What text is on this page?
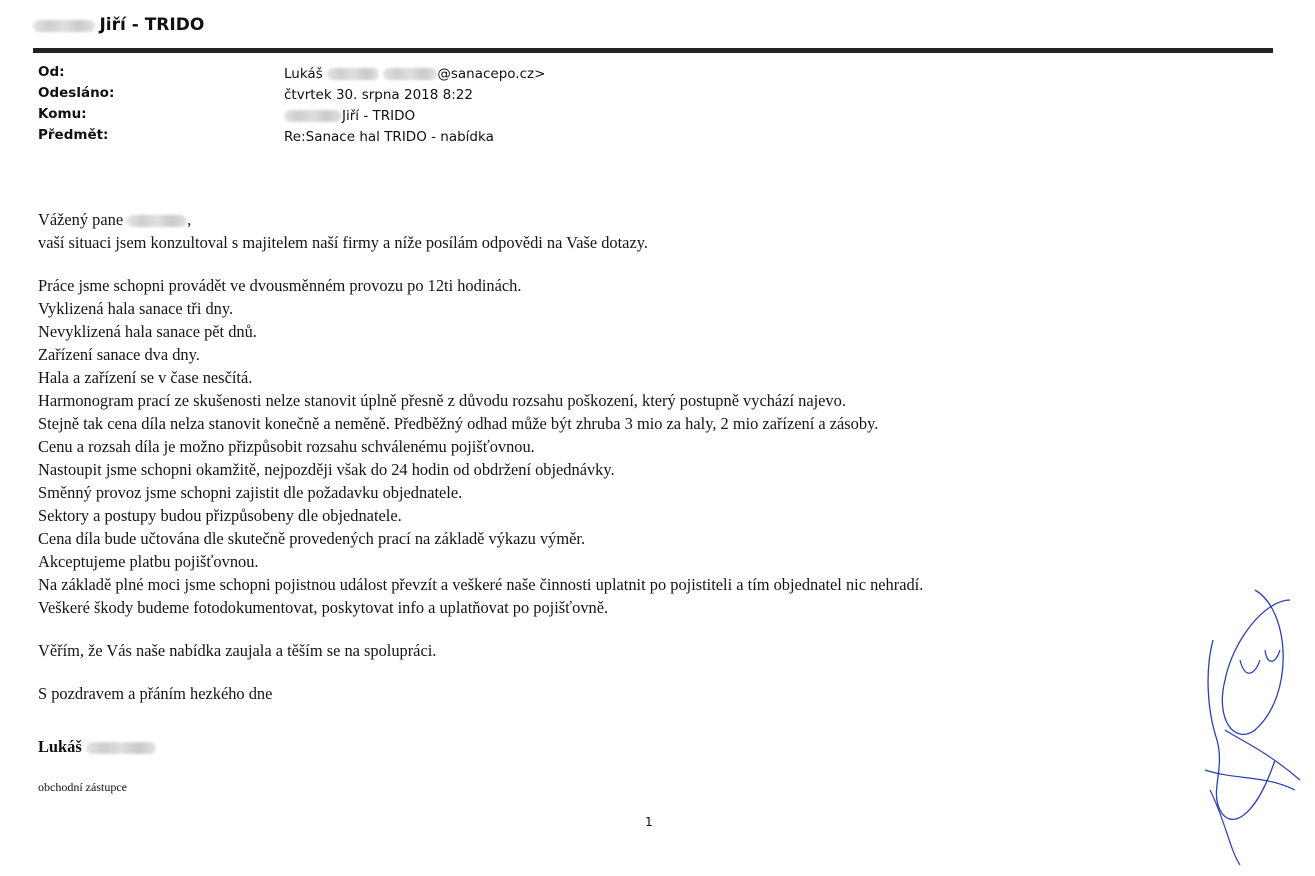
Jiří - TRIDO
Od:
Odesláno:
Komu:
Předmět:
Lukáš	@sanacepo.cz>
čtvrtek 30. srpna 2018 8:22
Jiří - TRIDO
Re:Sanace hal TRIDO - nabídka
Vážený pane	,
vaší situaci jsem konzultoval s majitelem naší firmy a níže posílám odpovědi na Vaše dotazy.
Práce jsme schopni provádět ve dvousměnném provozu po 12ti hodinách.
Vyklizená hala sanace tři dny.
Nevyklizená hala sanace pět dnů.
Zařízení sanace dva dny.
Hala a zařízení se v čase nesčítá.
Harmonogram prací ze skušenosti nelze stanovit úplně přesně z důvodu rozsahu poškození, který postupně vychází najevo.
Stejně tak cena díla nelza stanovit konečně a neměně. Předběžný odhad může být zhruba 3 mio za haly, 2 mio zařízení a zásoby.
Cenu a rozsah díla je možno přizpůsobit rozsahu schválenému pojišťovnou.
Nastoupit jsme schopni okamžitě, nejpozději však do 24 hodin od obdržení objednávky.
Směnný provoz jsme schopni zajistit dle požadavku objednatele.
Sektory a postupy budou přizpůsobeny dle objednatele.
Cena díla bude učtována dle skutečně provedených prací na základě výkazu výměr.
Akceptujeme platbu pojišťovnou.
Na základě plné moci jsme schopni pojistnou událost převzít a veškeré naše činnosti uplatnit po pojistiteli a tím objednatel nic nehradí.
Veškeré škody budeme fotodokumentovat, poskytovat info a uplatňovat po pojišťovně.
Věřím, že Vás naše nabídka zaujala a těším se na spolupráci.
S pozdravem a přáním hezkého dne
Lukáš
obchodní zástupce
1
